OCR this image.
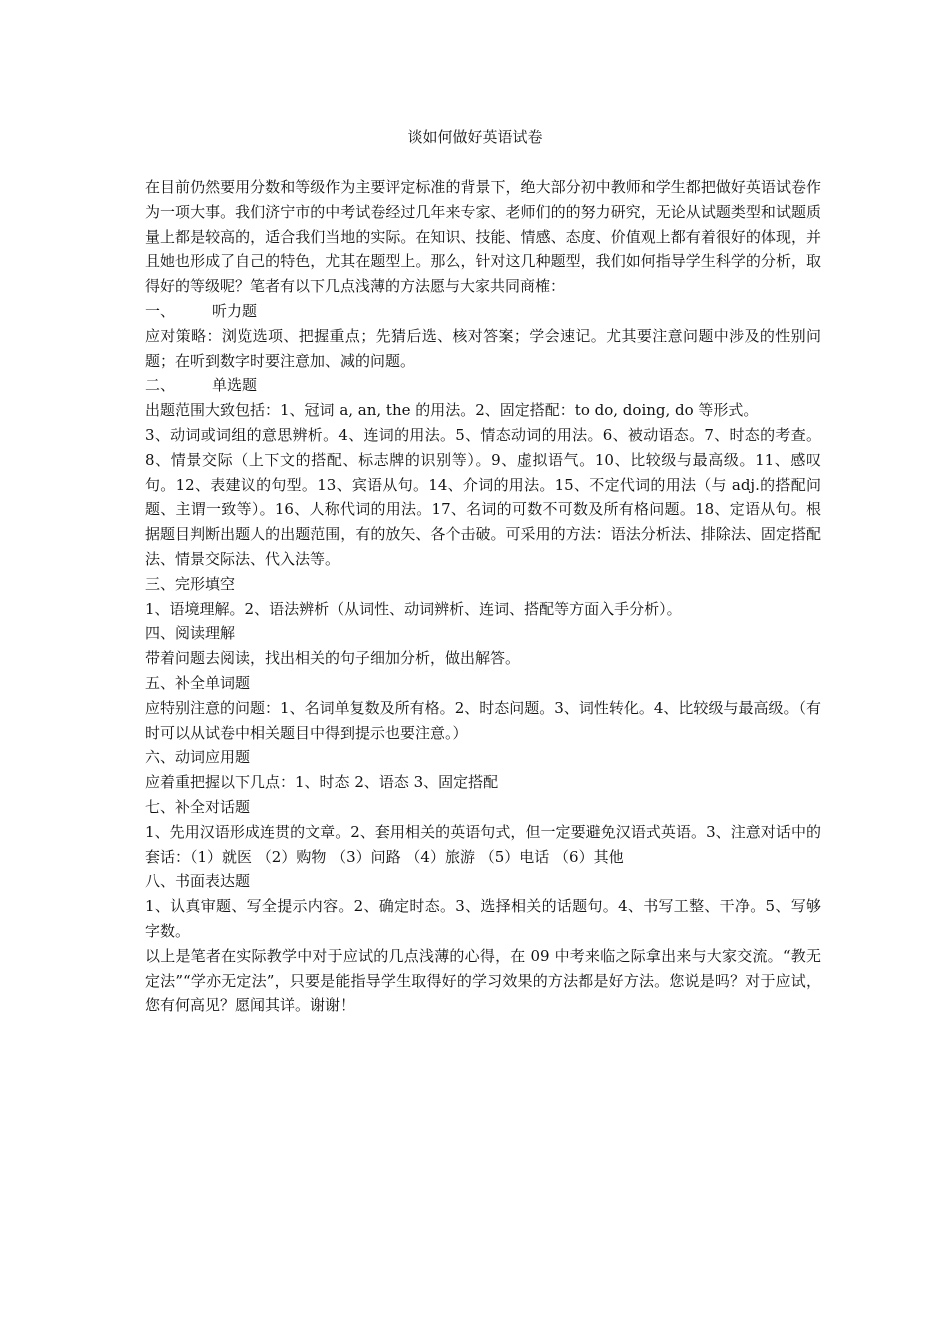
谈如何做好英语试卷

在目前仍然要用分数和等级作为主要评定标准的背景下，绝大部分初中教师和学生都把做好英语试卷作为一项大事。我们济宁市的中考试卷经过几年来专家、老师们的的努力研究，无论从试题类型和试题质量上都是较高的，适合我们当地的实际。在知识、技能、情感、态度、价值观上都有着很好的体现，并且她也形成了自己的特色，尤其在题型上。那么，针对这几种题型，我们如何指导学生科学的分析，取得好的等级呢？笔者有以下几点浅薄的方法愿与大家共同商榷：

一、 听力题

应对策略：浏览选项、把握重点；先猜后选、核对答案；学会速记。尤其要注意问题中涉及的性别问题；在听到数字时要注意加、减的问题。

二、 单选题

出题范围大致包括：1、冠词 a, an, the 的用法。2、固定搭配：to do, doing, do 等形式。

3、动词或词组的意思辨析。4、连词的用法。5、情态动词的用法。6、被动语态。7、时态的考查。8、情景交际（上下文的搭配、标志牌的识别等）。9、虚拟语气。10、比较级与最高级。11、感叹句。12、表建议的句型。13、宾语从句。14、介词的用法。15、不定代词的用法（与 adj.的搭配问题、主谓一致等）。16、人称代词的用法。17、名词的可数不可数及所有格问题。18、定语从句。根据题目判断出题人的出题范围，有的放矢、各个击破。可采用的方法：语法分析法、排除法、固定搭配法、情景交际法、代入法等。

三、完形填空

1、语境理解。2、语法辨析（从词性、动词辨析、连词、搭配等方面入手分析）。

四、阅读理解

带着问题去阅读，找出相关的句子细加分析，做出解答。

五、补全单词题

应特别注意的问题：1、名词单复数及所有格。2、时态问题。3、词性转化。4、比较级与最高级。（有时可以从试卷中相关题目中得到提示也要注意。）

六、动词应用题

应着重把握以下几点：1、时态 2、语态 3、固定搭配

七、补全对话题

1、先用汉语形成连贯的文章。2、套用相关的英语句式，但一定要避免汉语式英语。3、注意对话中的套话：（1）就医 （2）购物 （3）问路 （4）旅游 （5）电话 （6）其他

八、书面表达题

1、认真审题、写全提示内容。2、确定时态。3、选择相关的话题句。4、书写工整、干净。5、写够字数。

以上是笔者在实际教学中对于应试的几点浅薄的心得，在 09 中考来临之际拿出来与大家交流。“教无定法”“学亦无定法”，只要是能指导学生取得好的学习效果的方法都是好方法。您说是吗？对于应试，您有何高见？愿闻其详。谢谢！
